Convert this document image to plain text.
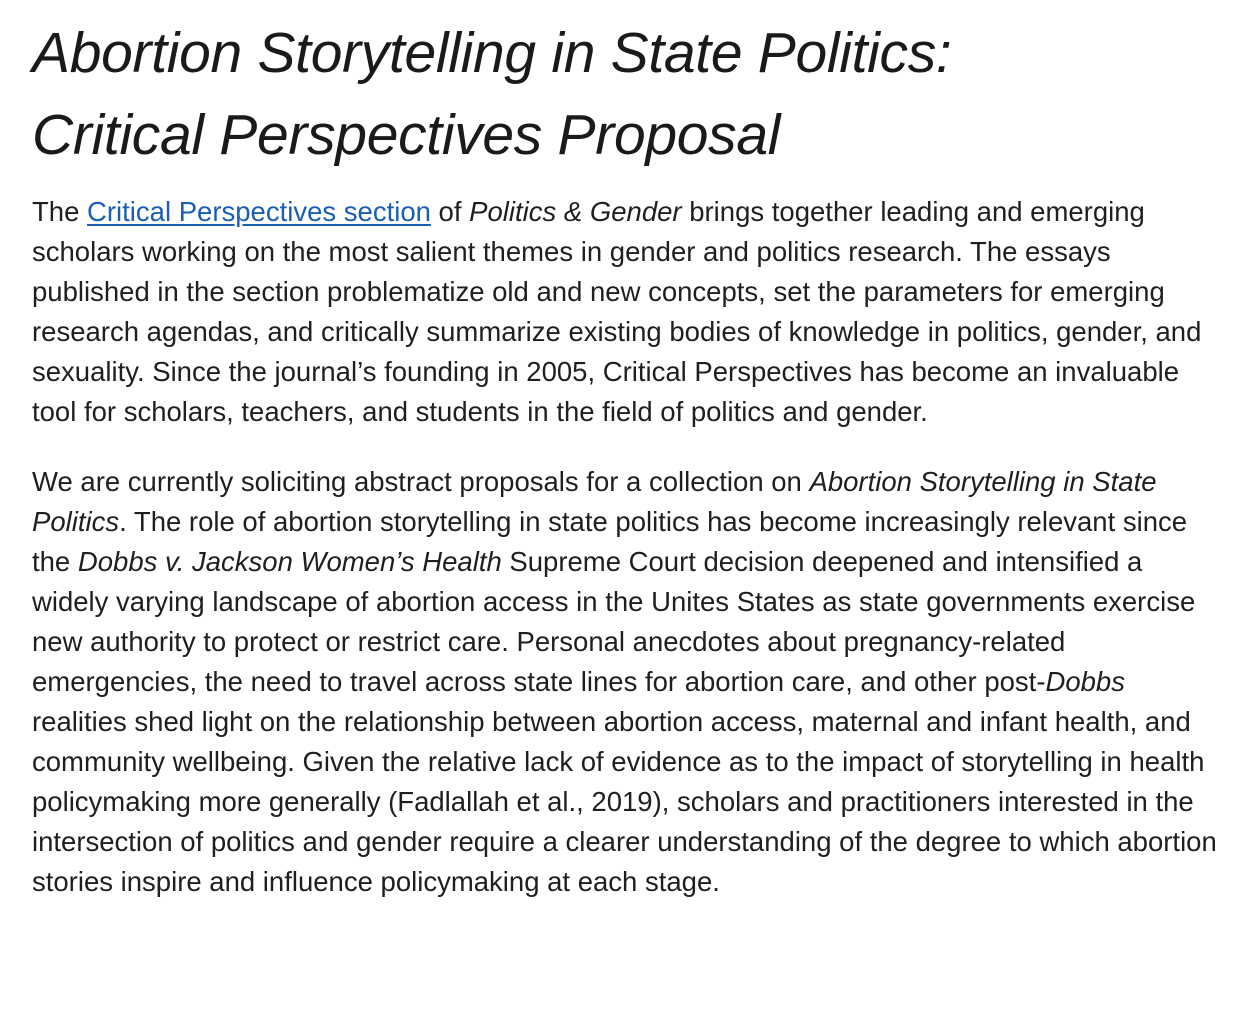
Abortion Storytelling in State Politics:
Critical Perspectives Proposal

The Critical Perspectives section of Politics & Gender brings together leading and emerging scholars working on the most salient themes in gender and politics research. The essays published in the section problematize old and new concepts, set the parameters for emerging research agendas, and critically summarize existing bodies of knowledge in politics, gender, and sexuality. Since the journal’s founding in 2005, Critical Perspectives has become an invaluable tool for scholars, teachers, and students in the field of politics and gender.

We are currently soliciting abstract proposals for a collection on Abortion Storytelling in State Politics. The role of abortion storytelling in state politics has become increasingly relevant since the Dobbs v. Jackson Women’s Health Supreme Court decision deepened and intensified a widely varying landscape of abortion access in the Unites States as state governments exercise new authority to protect or restrict care. Personal anecdotes about pregnancy-related emergencies, the need to travel across state lines for abortion care, and other post-Dobbs realities shed light on the relationship between abortion access, maternal and infant health, and community wellbeing. Given the relative lack of evidence as to the impact of storytelling in health policymaking more generally (Fadlallah et al., 2019), scholars and practitioners interested in the intersection of politics and gender require a clearer understanding of the degree to which abortion stories inspire and influence policymaking at each stage.
